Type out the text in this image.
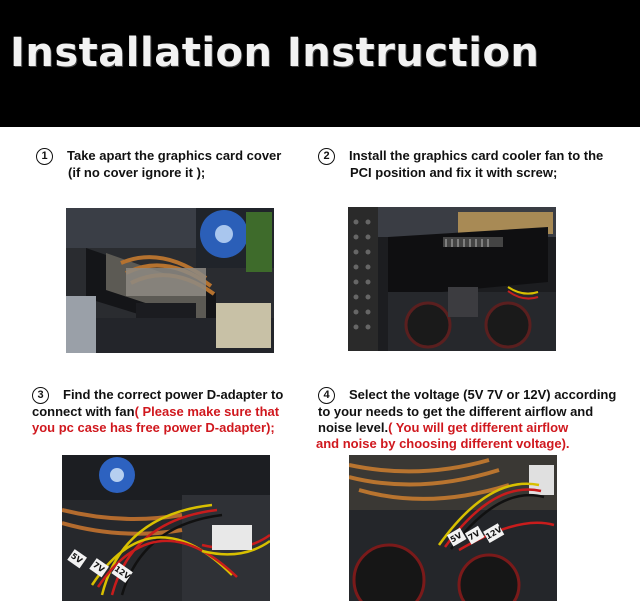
Installation Instruction
1 Take apart the graphics card cover
(if no cover ignore it );
2 Install the graphics card cooler fan to the
PCI position and fix it with screw;
3 Find the correct power D-adapter to
connect with fan( Please make sure that
you pc case has free power D-adapter);
4 Select the voltage (5V 7V or 12V) according
to your needs to get the different airflow and
noise level.( You will get different airflow
and noise by choosing different voltage).
5V
7V 12V
5V 7V 12V
